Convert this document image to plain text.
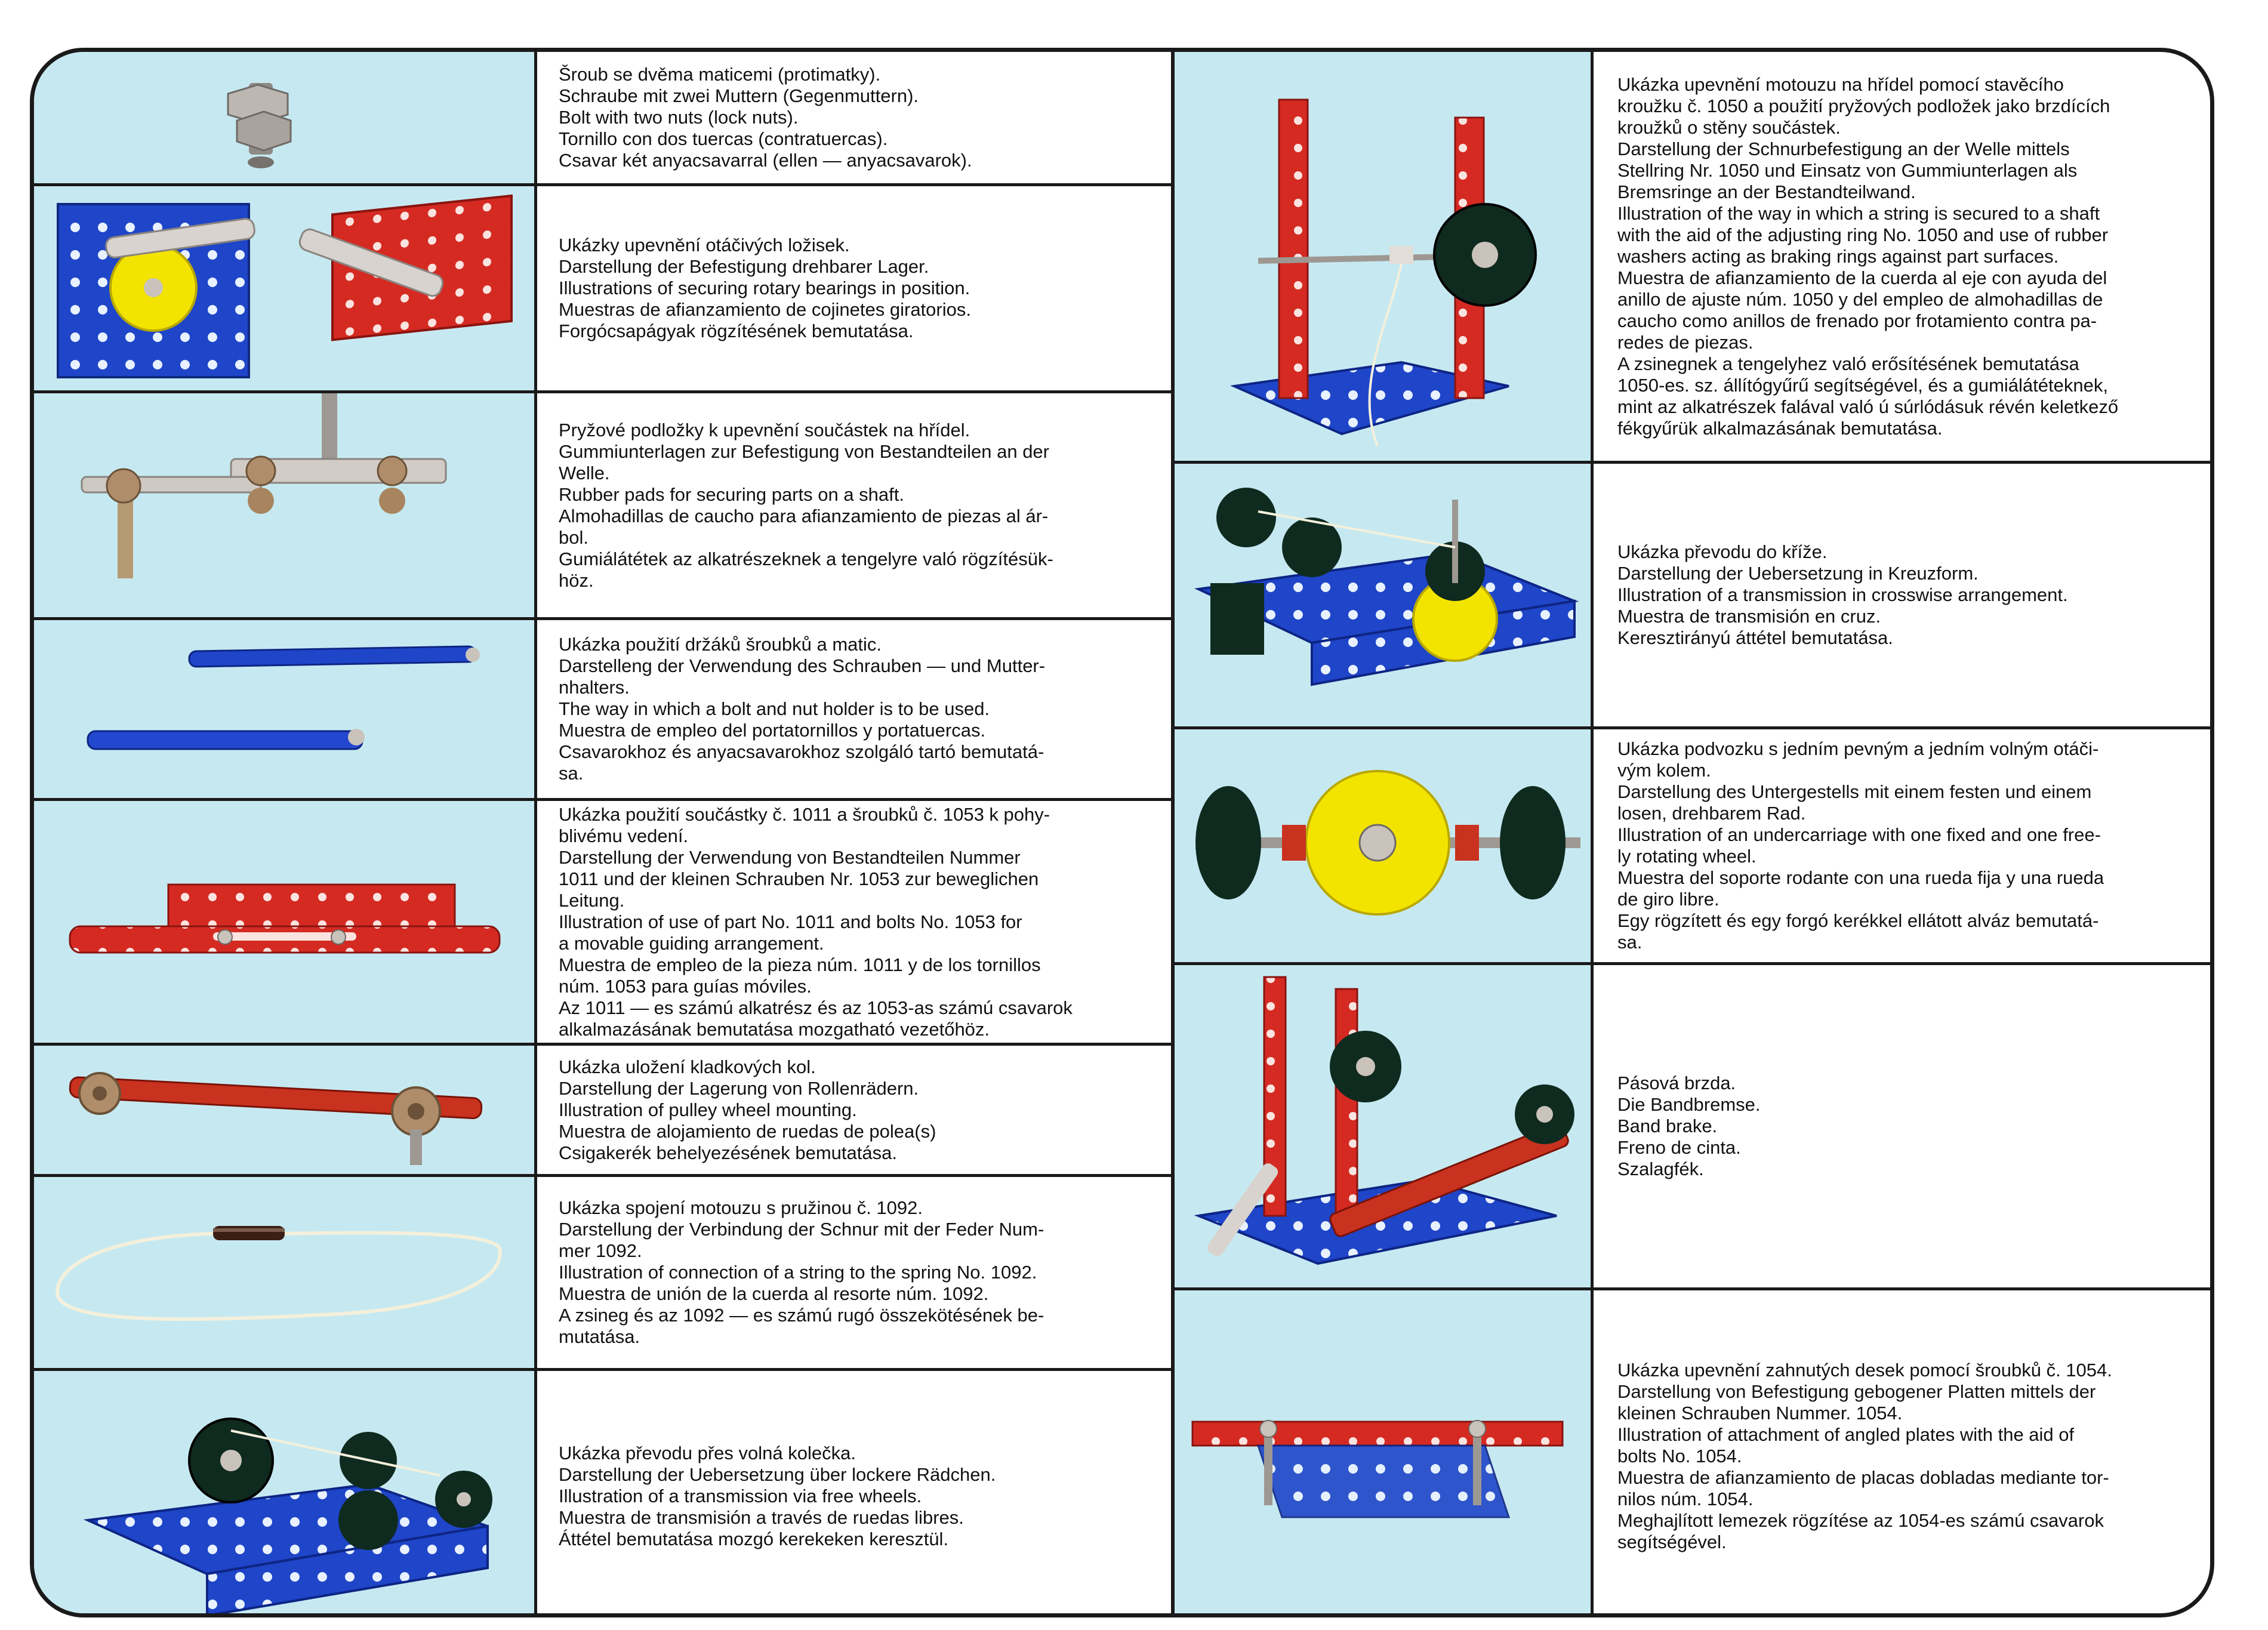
Šroub se dvěma maticemi (protimatky).
Schraube mit zwei Muttern (Gegenmuttern).
Bolt with two nuts (lock nuts).
Tornillo con dos tuercas (contratuercas).
Csavar két anyacsavarral (ellen — anyacsavarok).
Ukázky upevnění otáčivých ložisek.
Darstellung der Befestigung drehbarer Lager.
Illustrations of securing rotary bearings in position.
Muestras de afianzamiento de cojinetes giratorios.
Forgócsapágyak rögzítésének bemutatása.
Pryžové podložky k upevnění součástek na hřídel.
Gummiunterlagen zur Befestigung von Bestandteilen an der
Welle.
Rubber pads for securing parts on a shaft.
Almohadillas de caucho para afianzamiento de piezas al ár-
bol.
Gumiálátétek az alkatrészeknek a tengelyre való rögzítésük-
höz.
Ukázka použití držáků šroubků a matic.
Darstelleng der Verwendung des Schrauben — und Mutter-
nhalters.
The way in which a bolt and nut holder is to be used.
Muestra de empleo del portatornillos y portatuercas.
Csavarokhoz és anyacsavarokhoz szolgáló tartó bemutatá-
sa.
Ukázka použití součástky č. 1011 a šroubků č. 1053 k pohy-
blivému vedení.
Darstellung der Verwendung von Bestandteilen Nummer
1011 und der kleinen Schrauben Nr. 1053 zur beweglichen
Leitung.
Illustration of use of part No. 1011 and bolts No. 1053 for
a movable guiding arrangement.
Muestra de empleo de la pieza núm. 1011 y de los tornillos
núm. 1053 para guías móviles.
Az 1011 — es számú alkatrész és az 1053-as számú csavarok
alkalmazásának bemutatása mozgatható vezetőhöz.
Ukázka uložení kladkových kol.
Darstellung der Lagerung von Rollenrädern.
Illustration of pulley wheel mounting.
Muestra de alojamiento de ruedas de polea(s)
Csigakerék behelyezésének bemutatása.
Ukázka spojení motouzu s pružinou č. 1092.
Darstellung der Verbindung der Schnur mit der Feder Num-
mer 1092.
Illustration of connection of a string to the spring No. 1092.
Muestra de unión de la cuerda al resorte núm. 1092.
A zsineg és az 1092 — es számú rugó összekötésének be-
mutatása.
Ukázka převodu přes volná kolečka.
Darstellung der Uebersetzung über lockere Rädchen.
Illustration of a transmission via free wheels.
Muestra de transmisión a través de ruedas libres.
Áttétel bemutatása mozgó kerekeken keresztül.
Ukázka upevnění motouzu na hřídel pomocí stavěcího
kroužku č. 1050 a použití pryžových podložek jako brzdících
kroužků o stěny součástek.
Darstellung der Schnurbefestigung an der Welle mittels
Stellring Nr. 1050 und Einsatz von Gummiunterlagen als
Bremsringe an der Bestandteilwand.
Illustration of the way in which a string is secured to a shaft
with the aid of the adjusting ring No. 1050 and use of rubber
washers acting as braking rings against part surfaces.
Muestra de afianzamiento de la cuerda al eje con ayuda del
anillo de ajuste núm. 1050 y del empleo de almohadillas de
caucho como anillos de frenado por frotamiento contra pa-
redes de piezas.
A zsinegnek a tengelyhez való erősítésének bemutatása
1050-es. sz. állítógyűrű segítségével, és a gumiálátéteknek,
mint az alkatrészek falával való ú súrlódásuk révén keletkező
fékgyűrük alkalmazásának bemutatása.
Ukázka převodu do kříže.
Darstellung der Uebersetzung in Kreuzform.
Illustration of a transmission in crosswise arrangement.
Muestra de transmisión en cruz.
Keresztirányú áttétel bemutatása.
Ukázka podvozku s jedním pevným a jedním volným otáči-
vým kolem.
Darstellung des Untergestells mit einem festen und einem
losen, drehbarem Rad.
Illustration of an undercarriage with one fixed and one free-
ly rotating wheel.
Muestra del soporte rodante con una rueda fija y una rueda
de giro libre.
Egy rögzített és egy forgó kerékkel ellátott alváz bemutatá-
sa.
Pásová brzda.
Die Bandbremse.
Band brake.
Freno de cinta.
Szalagfék.
Ukázka upevnění zahnutých desek pomocí šroubků č. 1054.
Darstellung von Befestigung gebogener Platten mittels der
kleinen Schrauben Nummer. 1054.
Illustration of attachment of angled plates with the aid of
bolts No. 1054.
Muestra de afianzamiento de placas dobladas mediante tor-
nilos núm. 1054.
Meghajlított lemezek rögzítése az 1054-es számú csavarok
segítségével.
